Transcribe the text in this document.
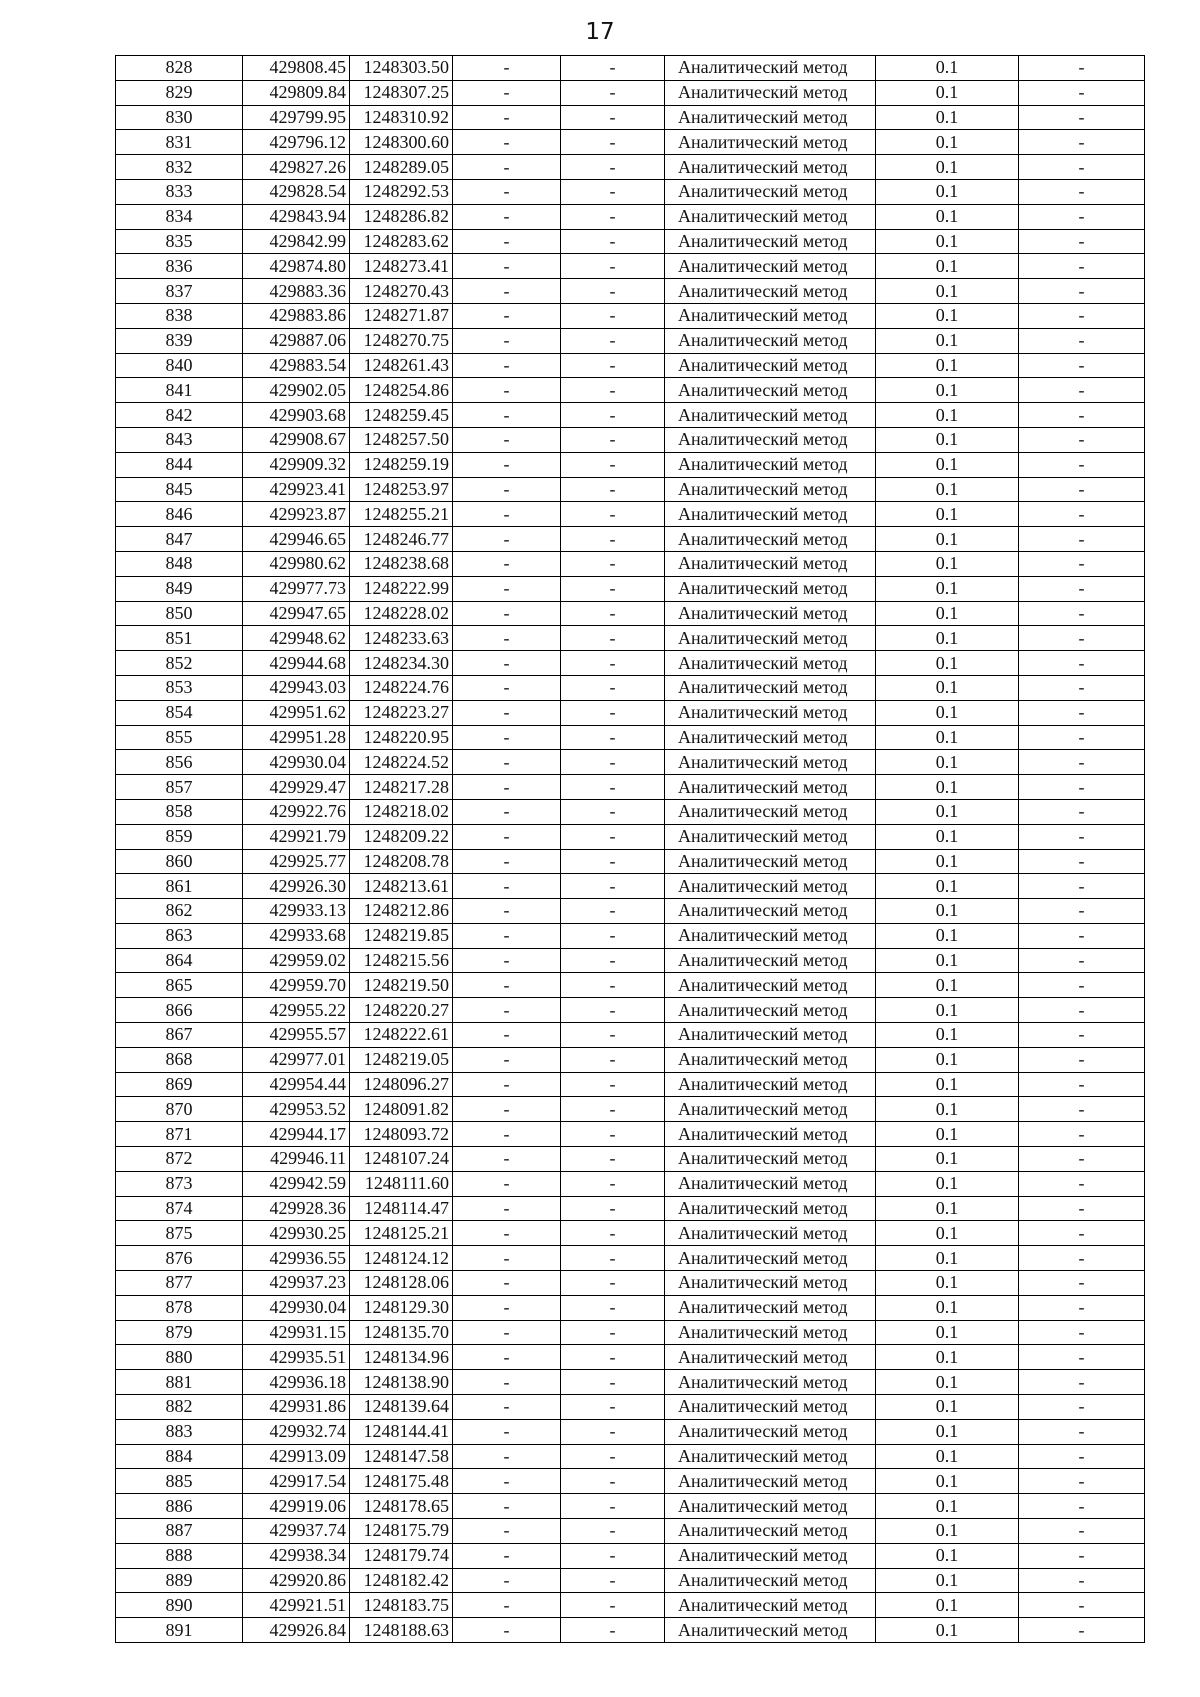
17
828	429808.45	1248303.50	-	-	Аналитический метод	0.1	-
829	429809.84	1248307.25	-	-	Аналитический метод	0.1	-
830	429799.95	1248310.92	-	-	Аналитический метод	0.1	-
831	429796.12	1248300.60	-	-	Аналитический метод	0.1	-
832	429827.26	1248289.05	-	-	Аналитический метод	0.1	-
833	429828.54	1248292.53	-	-	Аналитический метод	0.1	-
834	429843.94	1248286.82	-	-	Аналитический метод	0.1	-
835	429842.99	1248283.62	-	-	Аналитический метод	0.1	-
836	429874.80	1248273.41	-	-	Аналитический метод	0.1	-
837	429883.36	1248270.43	-	-	Аналитический метод	0.1	-
838	429883.86	1248271.87	-	-	Аналитический метод	0.1	-
839	429887.06	1248270.75	-	-	Аналитический метод	0.1	-
840	429883.54	1248261.43	-	-	Аналитический метод	0.1	-
841	429902.05	1248254.86	-	-	Аналитический метод	0.1	-
842	429903.68	1248259.45	-	-	Аналитический метод	0.1	-
843	429908.67	1248257.50	-	-	Аналитический метод	0.1	-
844	429909.32	1248259.19	-	-	Аналитический метод	0.1	-
845	429923.41	1248253.97	-	-	Аналитический метод	0.1	-
846	429923.87	1248255.21	-	-	Аналитический метод	0.1	-
847	429946.65	1248246.77	-	-	Аналитический метод	0.1	-
848	429980.62	1248238.68	-	-	Аналитический метод	0.1	-
849	429977.73	1248222.99	-	-	Аналитический метод	0.1	-
850	429947.65	1248228.02	-	-	Аналитический метод	0.1	-
851	429948.62	1248233.63	-	-	Аналитический метод	0.1	-
852	429944.68	1248234.30	-	-	Аналитический метод	0.1	-
853	429943.03	1248224.76	-	-	Аналитический метод	0.1	-
854	429951.62	1248223.27	-	-	Аналитический метод	0.1	-
855	429951.28	1248220.95	-	-	Аналитический метод	0.1	-
856	429930.04	1248224.52	-	-	Аналитический метод	0.1	-
857	429929.47	1248217.28	-	-	Аналитический метод	0.1	-
858	429922.76	1248218.02	-	-	Аналитический метод	0.1	-
859	429921.79	1248209.22	-	-	Аналитический метод	0.1	-
860	429925.77	1248208.78	-	-	Аналитический метод	0.1	-
861	429926.30	1248213.61	-	-	Аналитический метод	0.1	-
862	429933.13	1248212.86	-	-	Аналитический метод	0.1	-
863	429933.68	1248219.85	-	-	Аналитический метод	0.1	-
864	429959.02	1248215.56	-	-	Аналитический метод	0.1	-
865	429959.70	1248219.50	-	-	Аналитический метод	0.1	-
866	429955.22	1248220.27	-	-	Аналитический метод	0.1	-
867	429955.57	1248222.61	-	-	Аналитический метод	0.1	-
868	429977.01	1248219.05	-	-	Аналитический метод	0.1	-
869	429954.44	1248096.27	-	-	Аналитический метод	0.1	-
870	429953.52	1248091.82	-	-	Аналитический метод	0.1	-
871	429944.17	1248093.72	-	-	Аналитический метод	0.1	-
872	429946.11	1248107.24	-	-	Аналитический метод	0.1	-
873	429942.59	1248111.60	-	-	Аналитический метод	0.1	-
874	429928.36	1248114.47	-	-	Аналитический метод	0.1	-
875	429930.25	1248125.21	-	-	Аналитический метод	0.1	-
876	429936.55	1248124.12	-	-	Аналитический метод	0.1	-
877	429937.23	1248128.06	-	-	Аналитический метод	0.1	-
878	429930.04	1248129.30	-	-	Аналитический метод	0.1	-
879	429931.15	1248135.70	-	-	Аналитический метод	0.1	-
880	429935.51	1248134.96	-	-	Аналитический метод	0.1	-
881	429936.18	1248138.90	-	-	Аналитический метод	0.1	-
882	429931.86	1248139.64	-	-	Аналитический метод	0.1	-
883	429932.74	1248144.41	-	-	Аналитический метод	0.1	-
884	429913.09	1248147.58	-	-	Аналитический метод	0.1	-
885	429917.54	1248175.48	-	-	Аналитический метод	0.1	-
886	429919.06	1248178.65	-	-	Аналитический метод	0.1	-
887	429937.74	1248175.79	-	-	Аналитический метод	0.1	-
888	429938.34	1248179.74	-	-	Аналитический метод	0.1	-
889	429920.86	1248182.42	-	-	Аналитический метод	0.1	-
890	429921.51	1248183.75	-	-	Аналитический метод	0.1	-
891	429926.84	1248188.63	-	-	Аналитический метод	0.1	-
